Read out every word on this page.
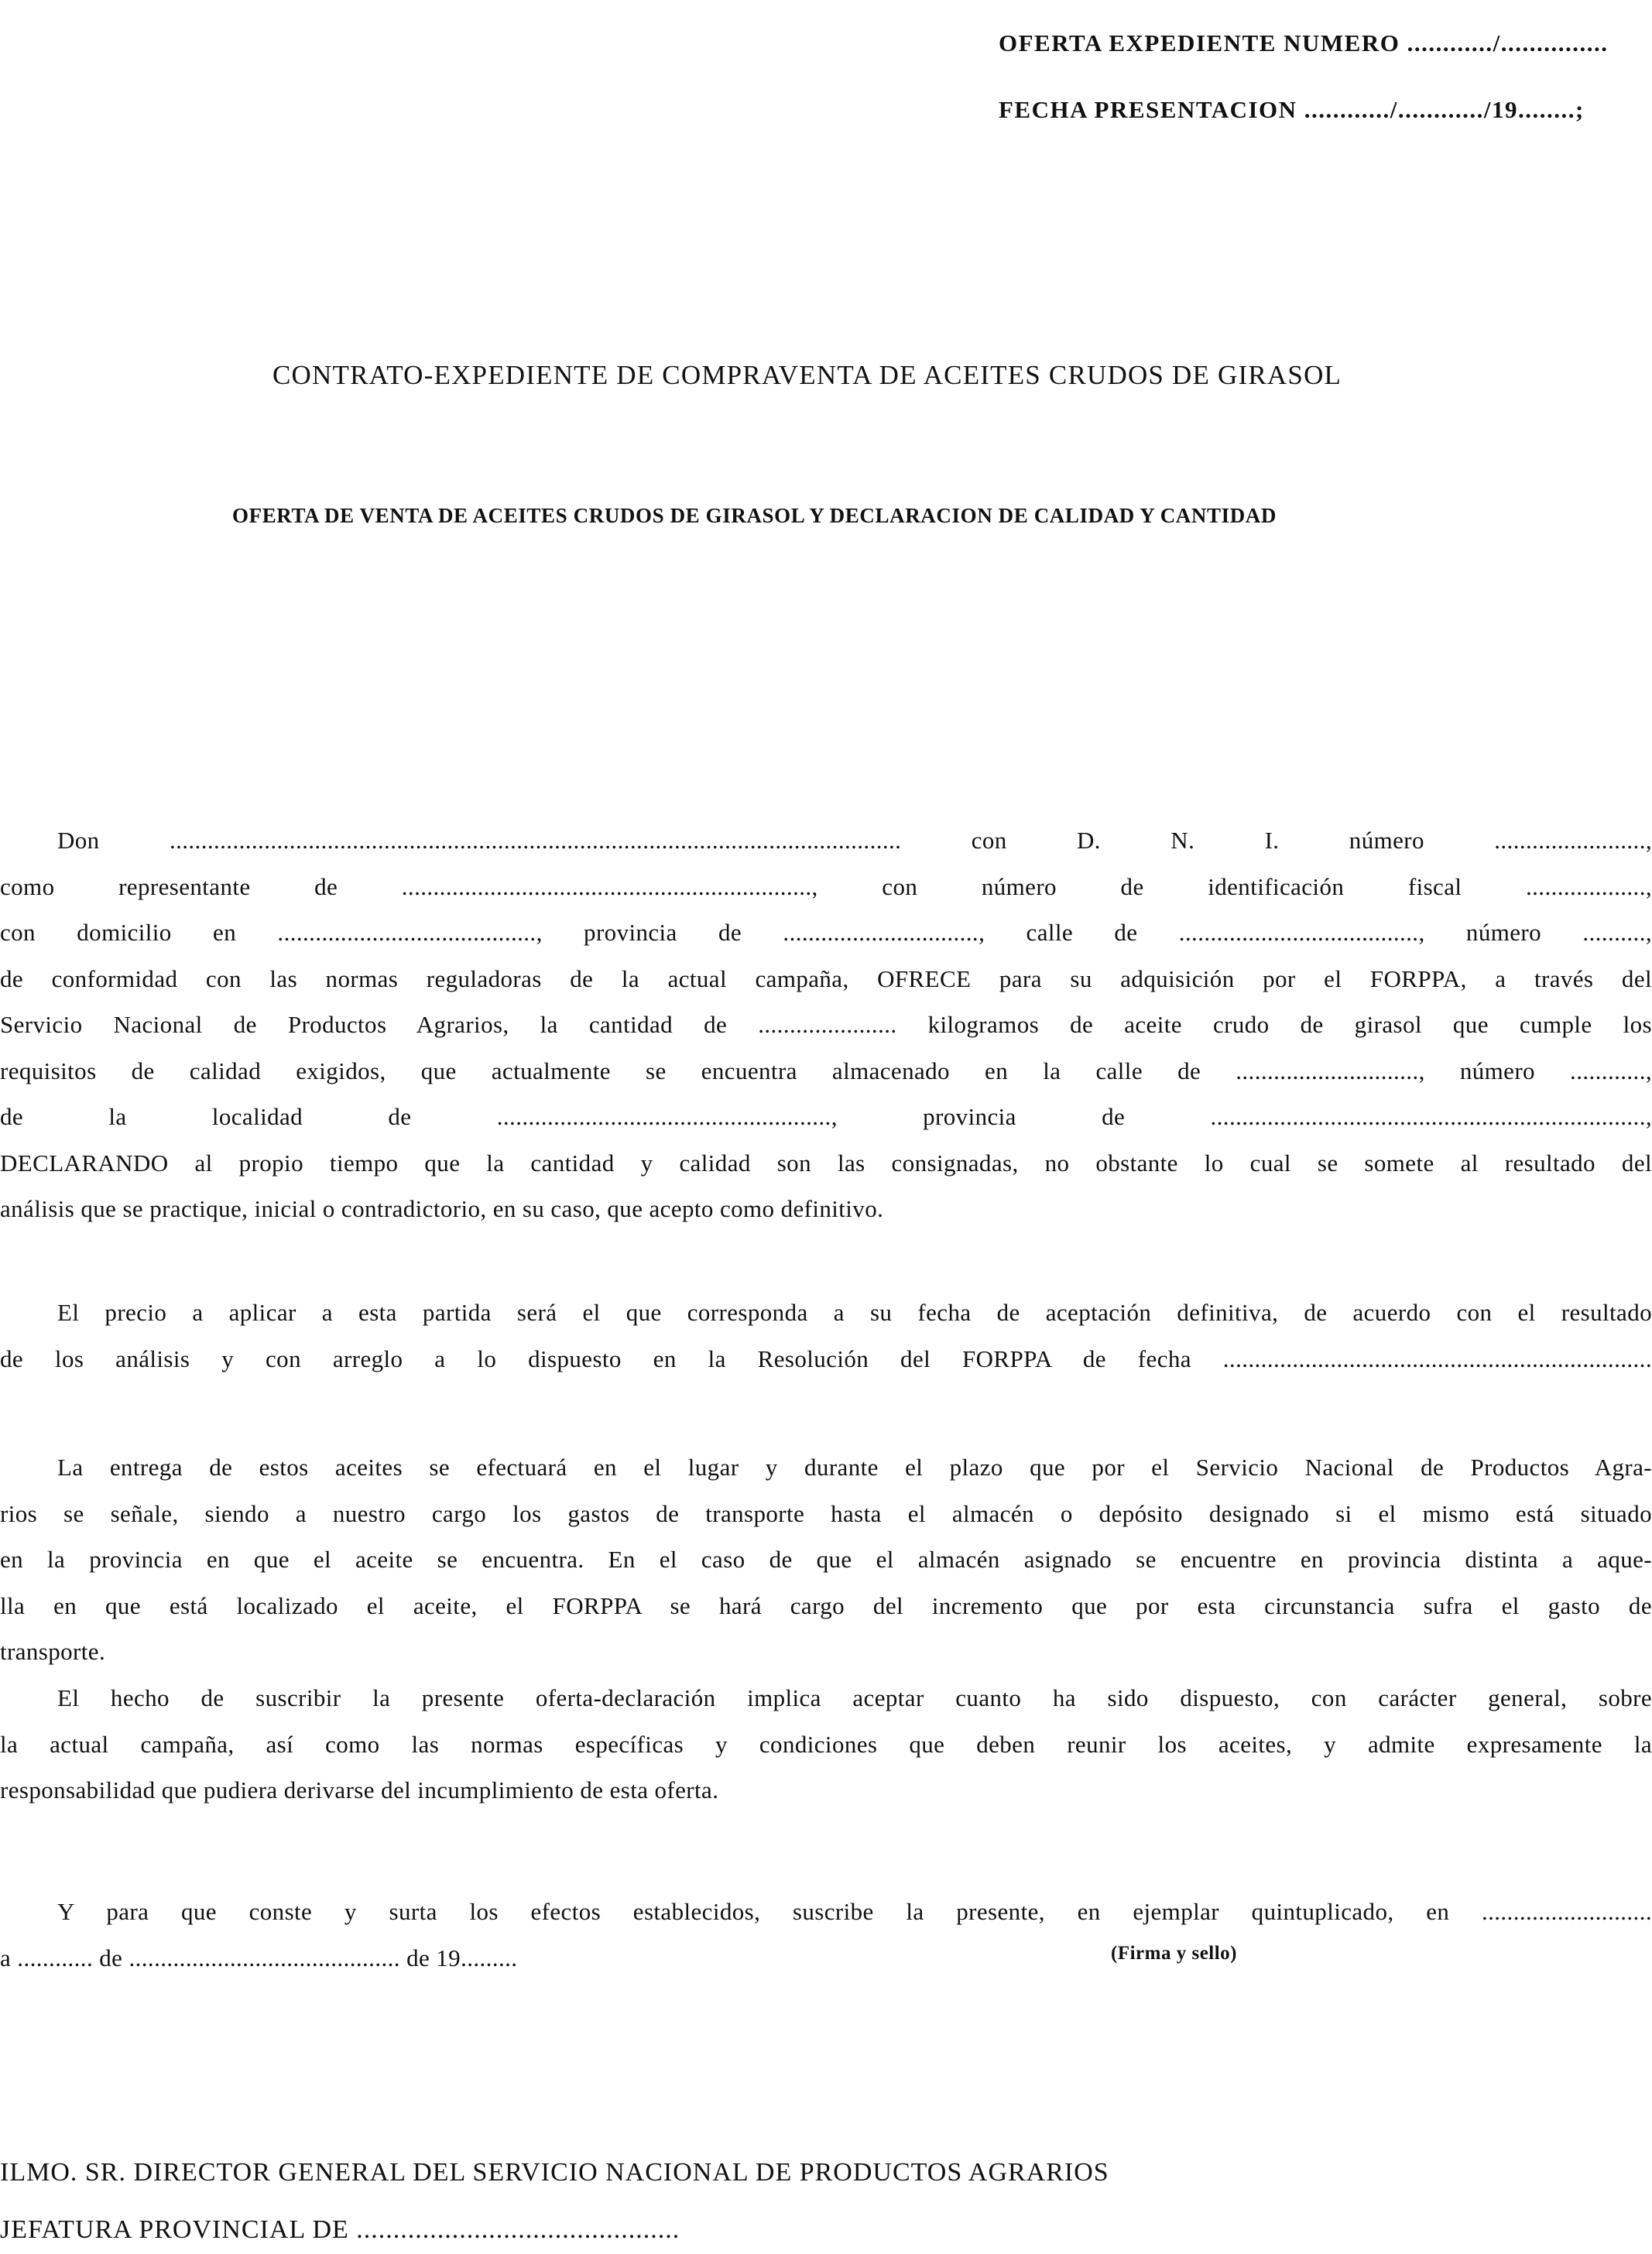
OFERTA EXPEDIENTE NUMERO ............/...............
FECHA PRESENTACION ............/............/19........;
CONTRATO-EXPEDIENTE DE COMPRAVENTA DE ACEITES CRUDOS DE GIRASOL
OFERTA DE VENTA DE ACEITES CRUDOS DE GIRASOL Y DECLARACION DE CALIDAD Y CANTIDAD
Don .................................................................................................................... con D. N. I. número ........................,
como representante de ................................................................., con número de identificación fiscal ...................,
con domicilio en ........................................., provincia de ..............................., calle de ......................................, número ..........,
de conformidad con las normas reguladoras de la actual campaña, OFRECE para su adquisición por el FORPPA, a través del
Servicio Nacional de Productos Agrarios, la cantidad de ...................... kilogramos de aceite crudo de girasol que cumple los
requisitos de calidad exigidos, que actualmente se encuentra almacenado en la calle de ............................., número ............,
de la localidad de ....................................................., provincia de .....................................................................,
DECLARANDO al propio tiempo que la cantidad y calidad son las consignadas, no obstante lo cual se somete al resultado del
análisis que se practique, inicial o contradictorio, en su caso, que acepto como definitivo.
El precio a aplicar a esta partida será el que corresponda a su fecha de aceptación definitiva, de acuerdo con el resultado
de los análisis y con arreglo a lo dispuesto en la Resolución del FORPPA de fecha ....................................................................
La entrega de estos aceites se efectuará en el lugar y durante el plazo que por el Servicio Nacional de Productos Agra-
rios se señale, siendo a nuestro cargo los gastos de transporte hasta el almacén o depósito designado si el mismo está situado
en la provincia en que el aceite se encuentra. En el caso de que el almacén asignado se encuentre en provincia distinta a aque-
lla en que está localizado el aceite, el FORPPA se hará cargo del incremento que por esta circunstancia sufra el gasto de
transporte.
El hecho de suscribir la presente oferta-declaración implica aceptar cuanto ha sido dispuesto, con carácter general, sobre
la actual campaña, así como las normas específicas y condiciones que deben reunir los aceites, y admite expresamente la
responsabilidad que pudiera derivarse del incumplimiento de esta oferta.
Y para que conste y surta los efectos establecidos, suscribe la presente, en ejemplar quintuplicado, en ...........................
a ............ de ........................................... de 19.........	(Firma y sello)
ILMO. SR. DIRECTOR GENERAL DEL SERVICIO NACIONAL DE PRODUCTOS AGRARIOS
JEFATURA PROVINCIAL DE ............................................
